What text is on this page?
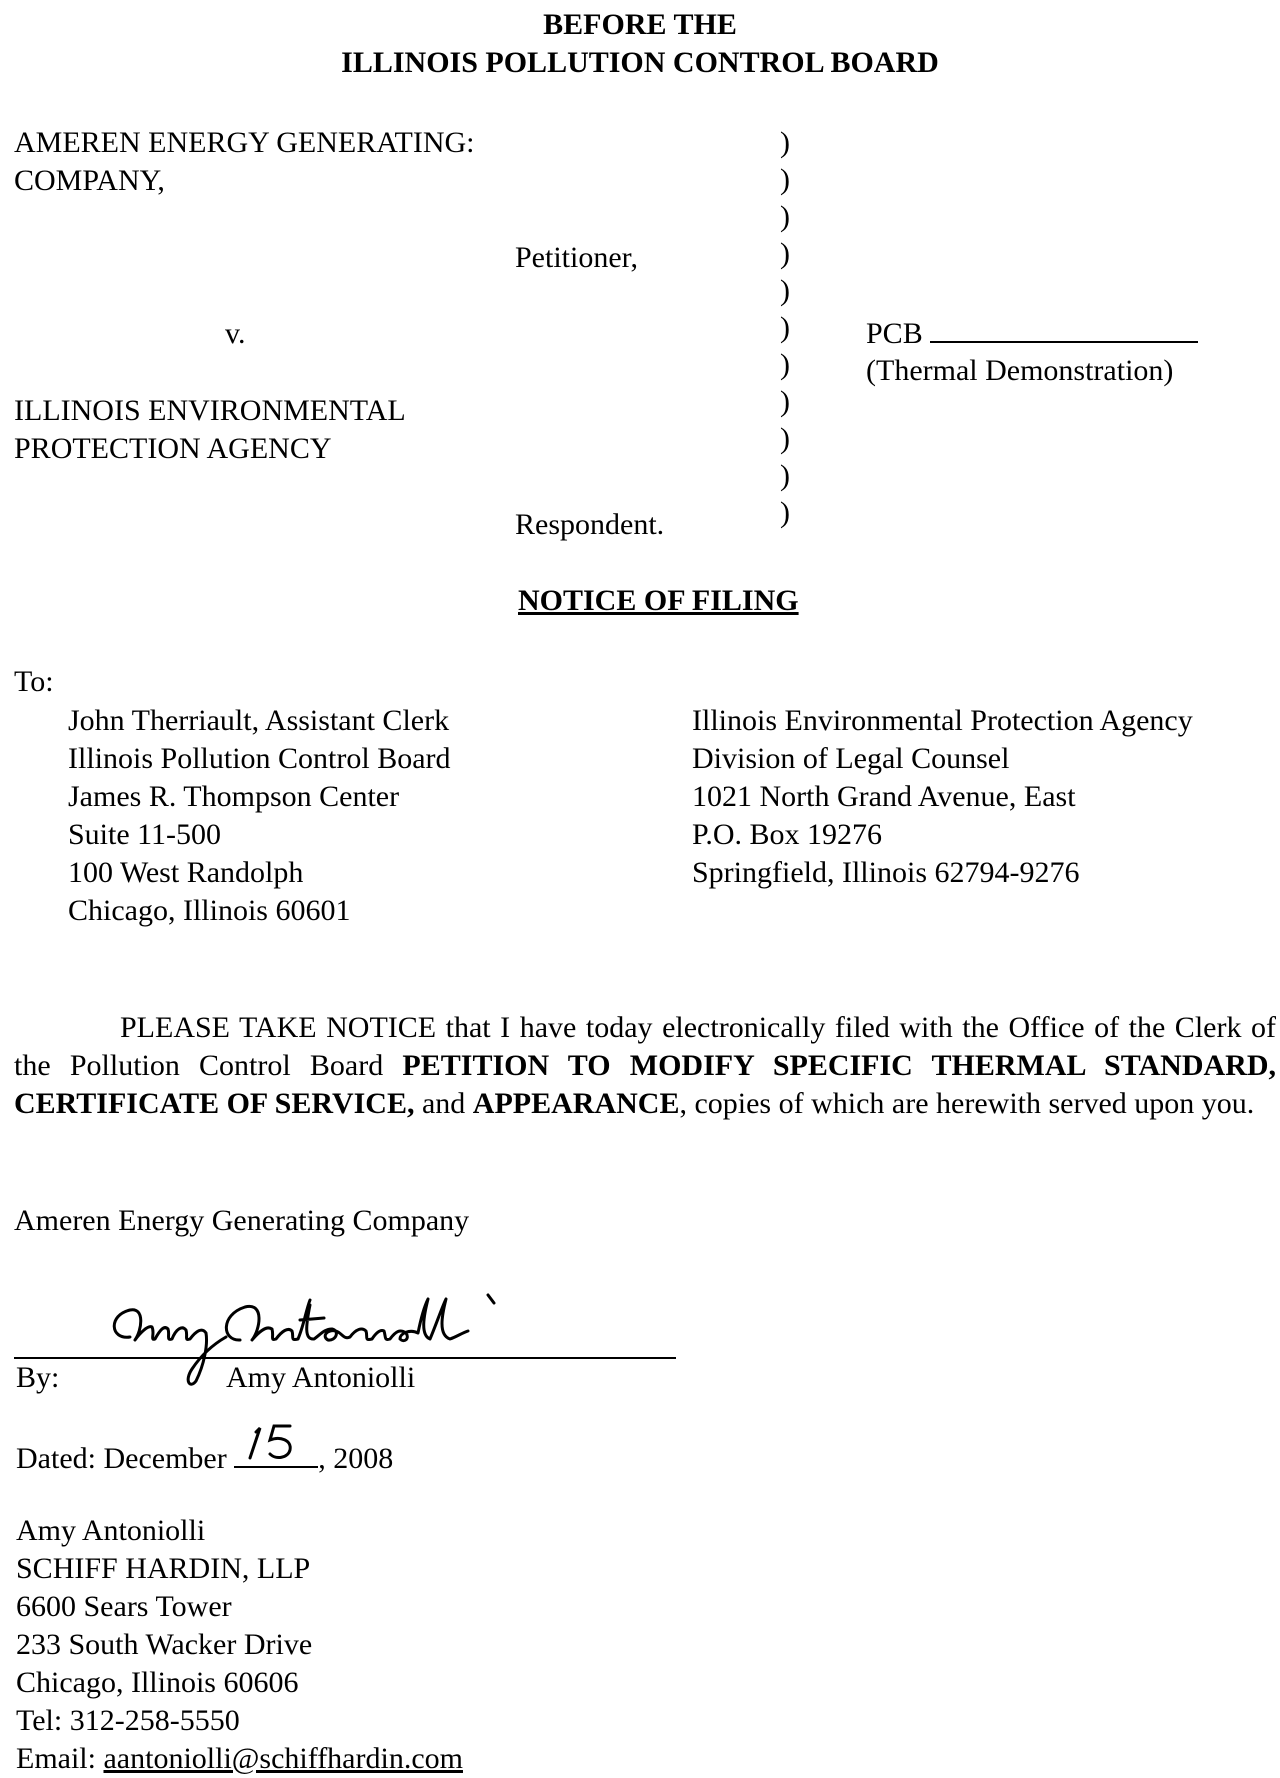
BEFORE THE
ILLINOIS POLLUTION CONTROL BOARD
AMEREN ENERGY GENERATING:
COMPANY,
Petitioner,
v.
ILLINOIS ENVIRONMENTAL
PROTECTION AGENCY
Respondent.
)
)
)
)
)
)
)
)
)
)
)
PCB
(Thermal Demonstration)
NOTICE OF FILING
To:
John Therriault, Assistant Clerk
Illinois Pollution Control Board
James R. Thompson Center
Suite 11-500
100 West Randolph
Chicago, Illinois 60601
Illinois Environmental Protection Agency
Division of Legal Counsel
1021 North Grand Avenue, East
P.O. Box 19276
Springfield, Illinois 62794-9276
PLEASE TAKE NOTICE that I have today electronically filed with the Office of the Clerk of the Pollution Control Board PETITION TO MODIFY SPECIFIC THERMAL STANDARD, CERTIFICATE OF SERVICE, and APPEARANCE, copies of which are herewith served upon you.
Ameren Energy Generating Company
By:	Amy Antoniolli
Dated: December	, 2008
Amy Antoniolli
SCHIFF HARDIN, LLP
6600 Sears Tower
233 South Wacker Drive
Chicago, Illinois 60606
Tel: 312-258-5550
Email: aantoniolli@schiffhardin.com
